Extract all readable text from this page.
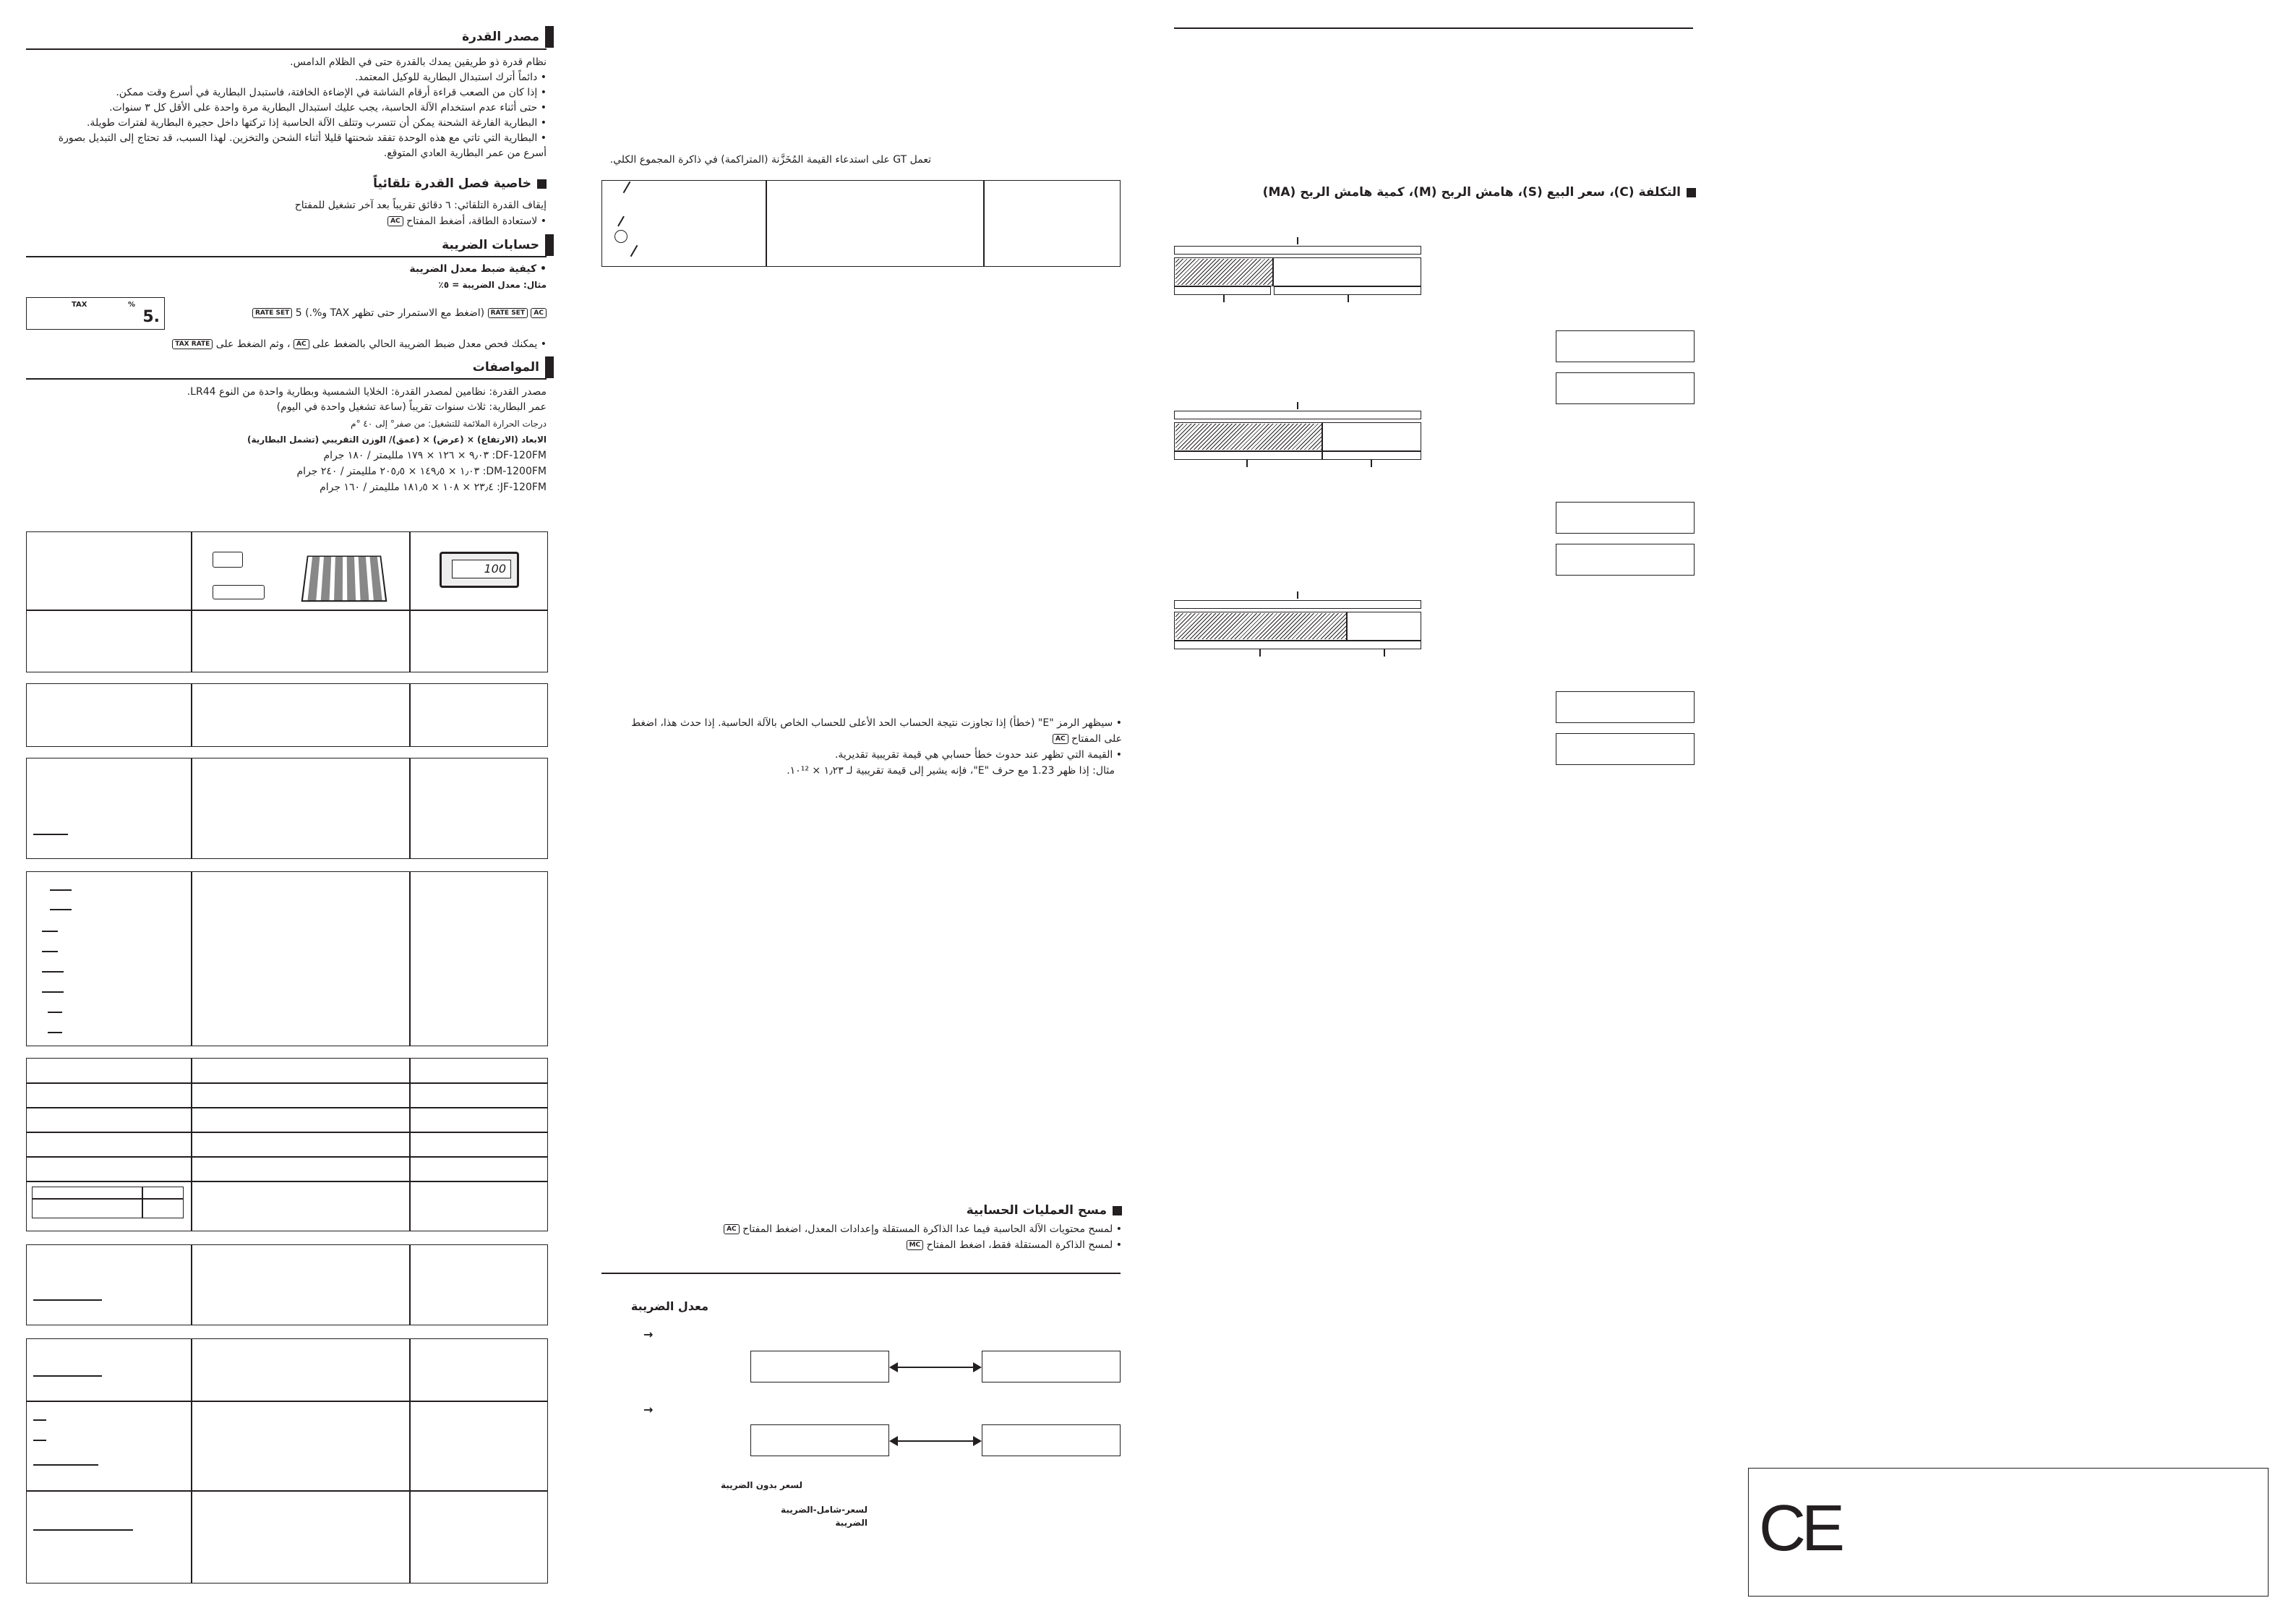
مصدر القدرة
نظام قدرة ذو طريقين يمدك بالقدرة حتى في الظلام الدامس.
• دائماً أترك استبدال البطارية للوكيل المعتمد.
• إذا كان من الصعب قراءة أرقام الشاشة في الإضاءة الخافتة، فاستبدل البطارية في أسرع وقت ممكن.
• حتى أثناء عدم استخدام الآلة الحاسبة، يجب عليك استبدال البطارية مرة واحدة على الأقل كل ٣ سنوات.
• البطارية الفارغة الشحنة يمكن أن تتسرب وتتلف الآلة الحاسبة إذا تركتها داخل حجيرة البطارية لفترات طويلة.
• البطارية التي تاتي مع هذه الوحدة تفقد شحنتها قليلا أثناء الشحن والتخزين. لهذا السبب، قد تحتاج إلى التبديل بصورة
أسرع من عمر البطارية العادي المتوقع.
خاصية فصل القدرة تلقائياً
إيقاف القدرة التلقائي: ٦ دقائق تقريباً بعد آخر تشغيل للمفتاح
• لاستعادة الطاقة، أضغط المفتاح AC
حسابات الضريبة
• كيفية ضبط معدل الضريبة
مثال: معدل الضريبة = ٥٪
TAX	%
5.	AC RATE SET (اضغط مع الاستمرار حتى تظهر TAX و%.) 5 RATE SET
• يمكنك فحص معدل ضبط الضريبة الحالي بالضغط على AC ، وثم الضغط على TAX RATE
المواصفات
مصدر القدرة: نظامين لمصدر القدرة: الخلايا الشمسية وبطارية واحدة من النوع LR44.
عمر البطارية: ثلاث سنوات تقريباً (ساعة تشغيل واحدة في اليوم)
درجات الحرارة الملائمة للتشغيل: من صفر° إلى ٤٠ °م
الابعاد (الارتفاع) × (عرض) × (عمق)/ الوزن التقريبي (تشمل البطارية)
DF-120FM: ٩٫٠٣ × ١٢٦ × ١٧٩ ملليمتر / ١٨٠ جرام
DM-1200FM: ١٫٠٣ × ١٤٩٫٥ × ٢٠٥٫٥ ملليمتر / ٢٤٠ جرام
JF-120FM: ٢٣٫٤ × ١٠٨ × ١٨١٫٥ ملليمتر / ١٦٠ جرام
100
تعمل GT على استدعاء القيمة المُخَزَّنة (المتراكمة) في ذاكرة المجموع الكلي.
• سيظهر الرمز "E" (خطأ) إذا تجاوزت نتيجة الحساب الحد الأعلى للحساب الخاص بالآلة الحاسبة. إذا حدث هذا، اضغط
على المفتاح AC
• القيمة التي تظهر عند حدوث خطأ حسابي هي قيمة تقريبية تقديرية.
مثال: إذا ظهر 1.23 مع حرف "E"، فإنه يشير إلى قيمة تقريبية لـ ١٫٢٣ × ١٠¹².
مسح العمليات الحسابية
• لمسح محتويات الآلة الحاسبة فيما عدا الذاكرة المستقلة وإعدادات المعدل، اضغط المفتاح AC
• لمسح الذاكرة المستقلة فقط، اضغط المفتاح MC
معدل الضريبة
→
→
لسعر بدون الضريبة
لسعر-شامل-الضريبة
الضريبة
التكلفة (C)، سعر البيع (S)، هامش الربح (M)، كمية هامش الربح (MA)
CE
